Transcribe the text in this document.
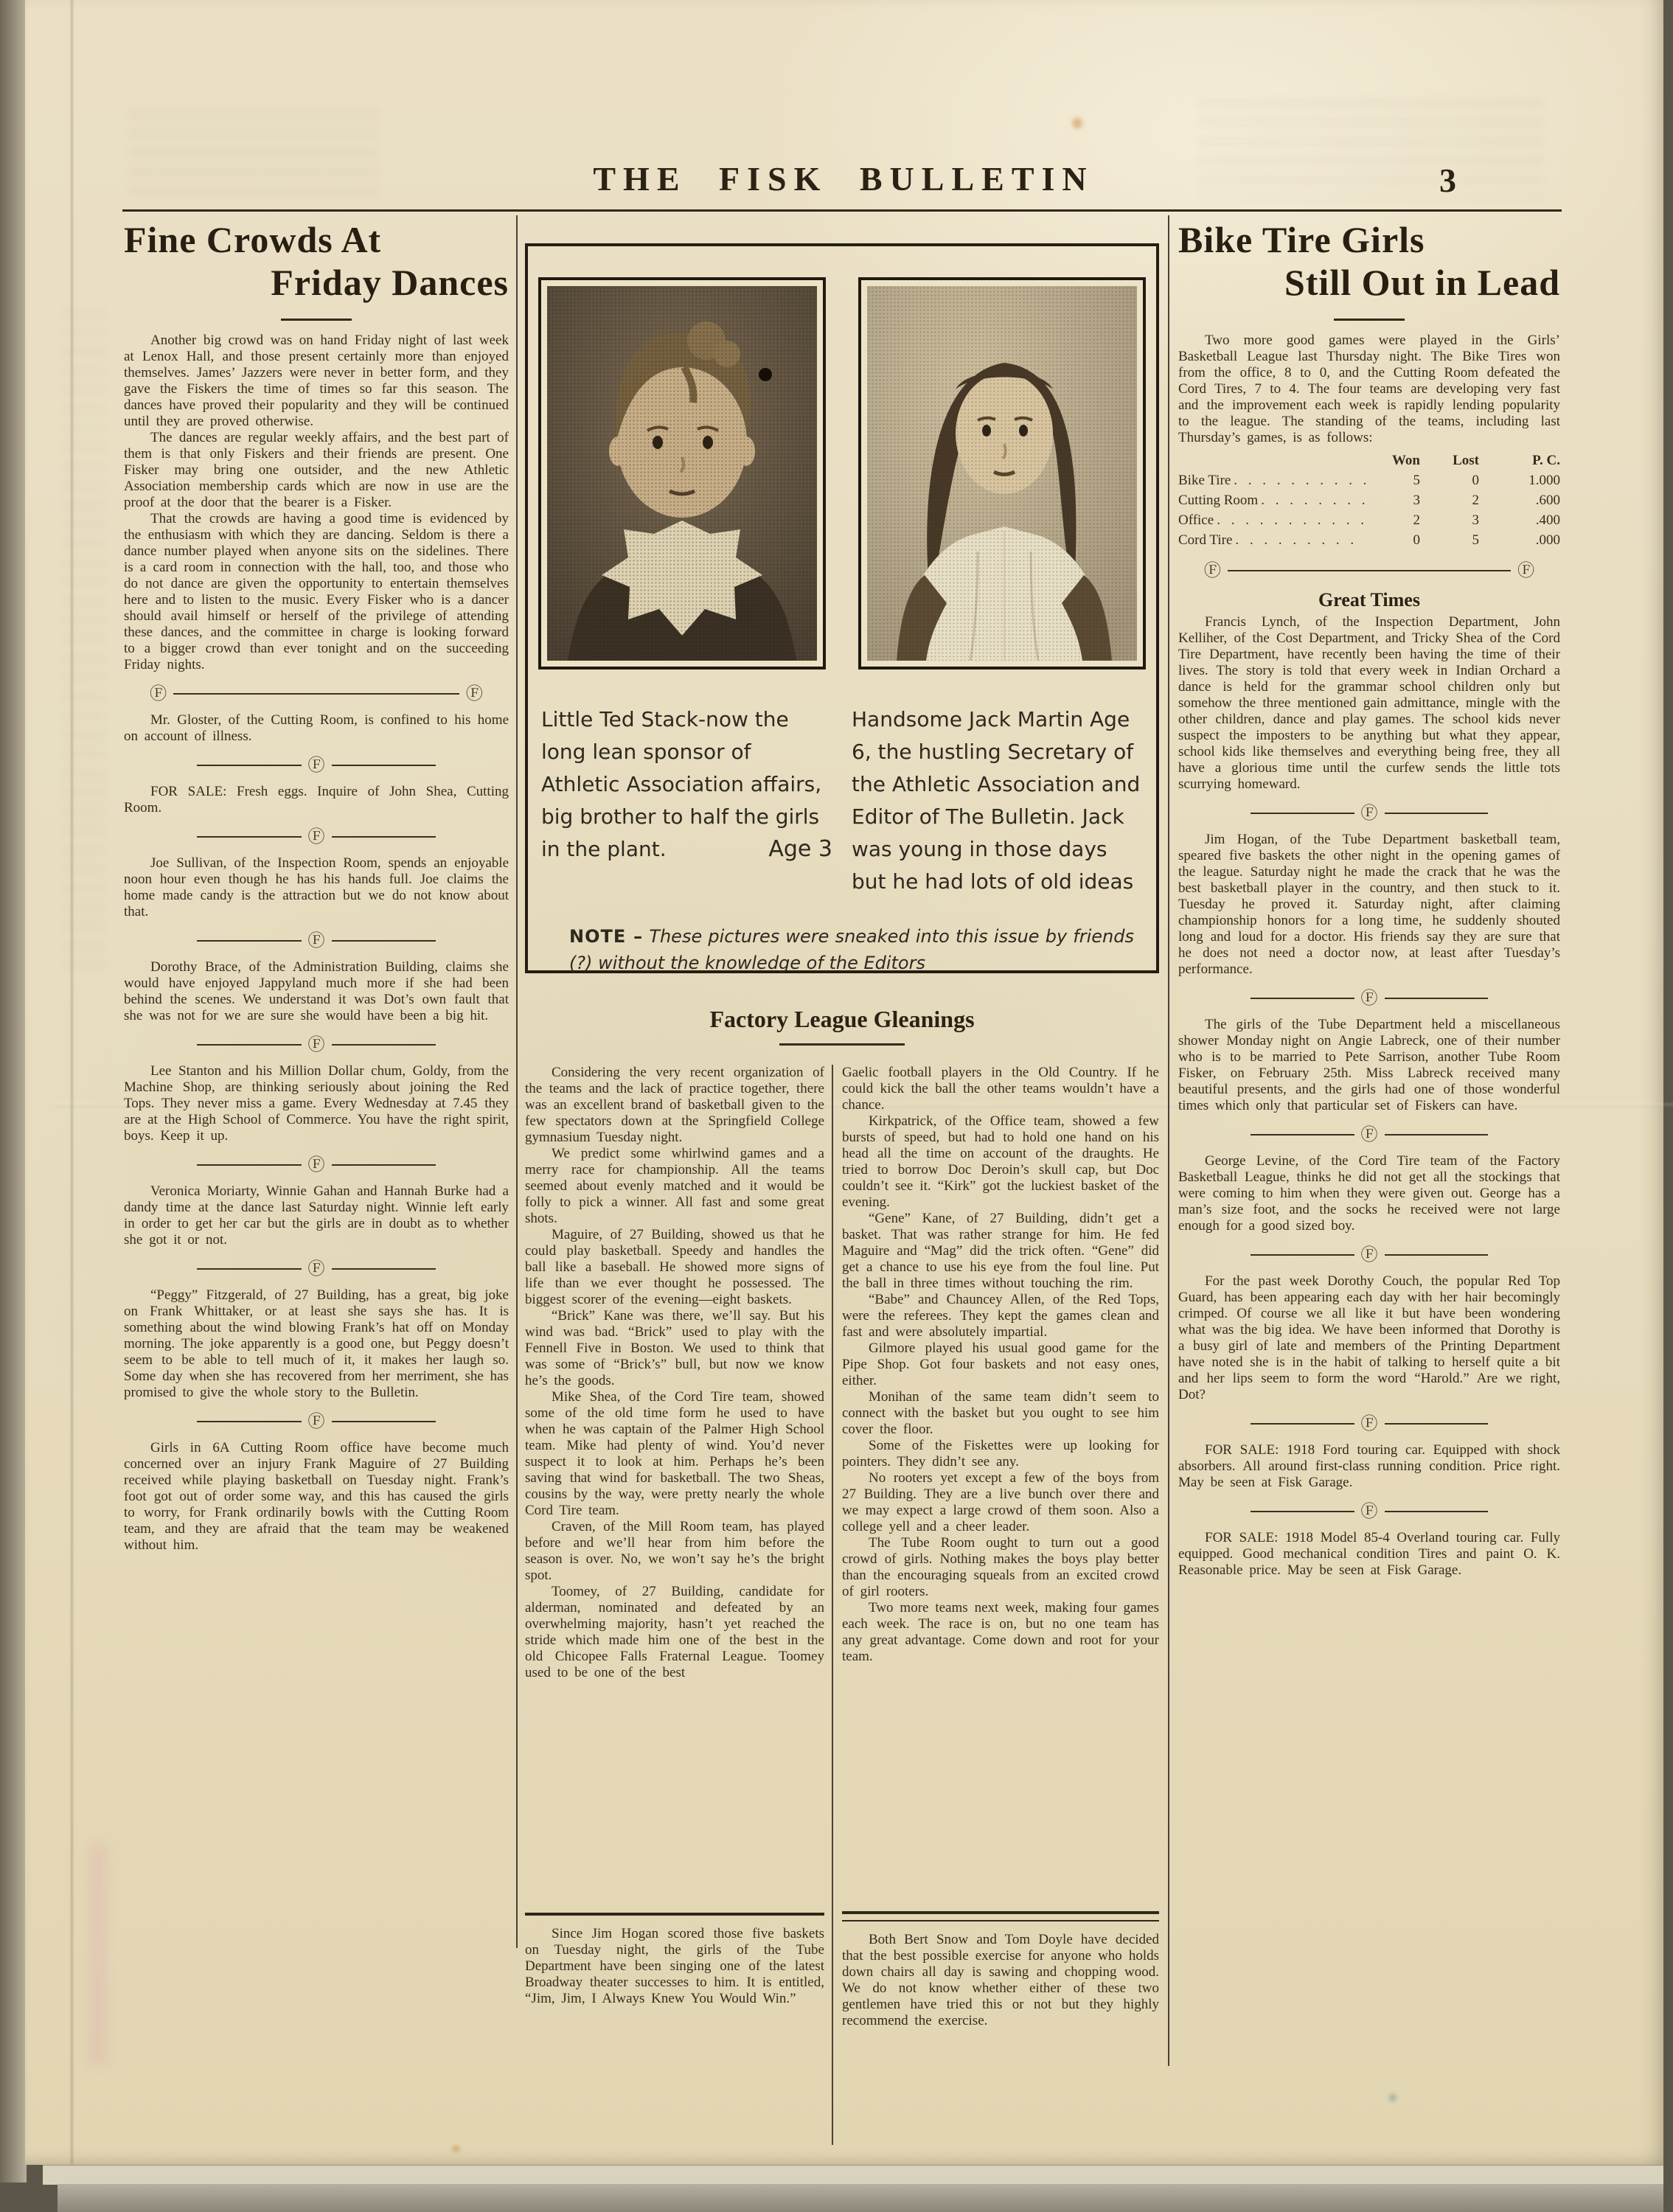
THE FISK BULLETIN	3
Fine Crowds At
Friday Dances

Another big crowd was on hand Friday night of last week at Lenox Hall, and those present certainly more than enjoyed themselves. James’ Jazzers were never in better form, and they gave the Fiskers the time of times so far this season. The dances have proved their popularity and they will be continued until they are proved otherwise.

The dances are regular weekly affairs, and the best part of them is that only Fiskers and their friends are present. One Fisker may bring one outsider, and the new Athletic Association membership cards which are now in use are the proof at the door that the bearer is a Fisker.

That the crowds are having a good time is evidenced by the enthusiasm with which they are dancing. Seldom is there a dance number played when anyone sits on the sidelines. There is a card room in connection with the hall, too, and those who do not dance are given the opportunity to entertain themselves here and to listen to the music. Every Fisker who is a dancer should avail himself or herself of the privilege of attending these dances, and the committee in charge is looking forward to a bigger crowd than ever tonight and on the succeeding Friday nights.

Ⓕ	Ⓕ

Mr. Gloster, of the Cutting Room, is confined to his home on account of illness.

Ⓕ

FOR SALE: Fresh eggs. Inquire of John Shea, Cutting Room.

Ⓕ

Joe Sullivan, of the Inspection Room, spends an enjoyable noon hour even though he has his hands full. Joe claims the home made candy is the attraction but we do not know about that.

Ⓕ

Dorothy Brace, of the Administration Building, claims she would have enjoyed Jappyland much more if she had been behind the scenes. We understand it was Dot’s own fault that she was not for we are sure she would have been a big hit.

Ⓕ

Lee Stanton and his Million Dollar chum, Goldy, from the Machine Shop, are thinking seriously about joining the Red Tops. They never miss a game. Every Wednesday at 7.45 they are at the High School of Commerce. You have the right spirit, boys. Keep it up.

Ⓕ

Veronica Moriarty, Winnie Gahan and Hannah Burke had a dandy time at the dance last Saturday night. Winnie left early in order to get her car but the girls are in doubt as to whether she got it or not.

Ⓕ

“Peggy” Fitzgerald, of 27 Building, has a great, big joke on Frank Whittaker, or at least she says she has. It is something about the wind blowing Frank’s hat off on Monday morning. The joke apparently is a good one, but Peggy doesn’t seem to be able to tell much of it, it makes her laugh so. Some day when she has recovered from her merriment, she has promised to give the whole story to the Bulletin.

Ⓕ

Girls in 6A Cutting Room office have become much concerned over an injury Frank Maguire of 27 Building received while playing basketball on Tuesday night. Frank’s foot got out of order some way, and this has caused the girls to worry, for Frank ordinarily bowls with the Cutting Room team, and they are afraid that the team may be weakened without him.

Little Ted Stack-now the long lean sponsor of Athletic Association affairs, big brother to half the girls in the plant.	Age 3
Handsome Jack Martin Age 6, the hustling Secretary of the Athletic Association and Editor of The Bulletin. Jack was young in those days but he had lots of old ideas
NOTE – These pictures were sneaked into this issue by friends (?) without the knowledge of the Editors
Factory League Gleanings

Considering the very recent organization of the teams and the lack of practice together, there was an excellent brand of basketball given to the few spectators down at the Springfield College gymnasium Tuesday night.

We predict some whirlwind games and a merry race for championship. All the teams seemed about evenly matched and it would be folly to pick a winner. All fast and some great shots.

Maguire, of 27 Building, showed us that he could play basketball. Speedy and handles the ball like a baseball. He showed more signs of life than we ever thought he possessed. The biggest scorer of the evening—eight baskets.

“Brick” Kane was there, we’ll say. But his wind was bad. “Brick” used to play with the Fennell Five in Boston. We used to think that was some of “Brick’s” bull, but now we know he’s the goods.

Mike Shea, of the Cord Tire team, showed some of the old time form he used to have when he was captain of the Palmer High School team. Mike had plenty of wind. You’d never suspect it to look at him. Perhaps he’s been saving that wind for basketball. The two Sheas, cousins by the way, were pretty nearly the whole Cord Tire team.

Craven, of the Mill Room team, has played before and we’ll hear from him before the season is over. No, we won’t say he’s the bright spot.

Toomey, of 27 Building, candidate for alderman, nominated and defeated by an overwhelming majority, hasn’t yet reached the stride which made him one of the best in the old Chicopee Falls Fraternal League. Toomey used to be one of the best

Since Jim Hogan scored those five baskets on Tuesday night, the girls of the Tube Department have been singing one of the latest Broadway theater successes to him. It is entitled, “Jim, Jim, I Always Knew You Would Win.”

Gaelic football players in the Old Country. If he could kick the ball the other teams wouldn’t have a chance.

Kirkpatrick, of the Office team, showed a few bursts of speed, but had to hold one hand on his head all the time on account of the draughts. He tried to borrow Doc Deroin’s skull cap, but Doc couldn’t see it. “Kirk” got the luckiest basket of the evening.

“Gene” Kane, of 27 Building, didn’t get a basket. That was rather strange for him. He fed Maguire and “Mag” did the trick often. “Gene” did get a chance to use his eye from the foul line. Put the ball in three times without touching the rim.

“Babe” and Chauncey Allen, of the Red Tops, were the referees. They kept the games clean and fast and were absolutely impartial.

Gilmore played his usual good game for the Pipe Shop. Got four baskets and not easy ones, either.

Monihan of the same team didn’t seem to connect with the basket but you ought to see him cover the floor.

Some of the Fiskettes were up looking for pointers. They didn’t see any.

No rooters yet except a few of the boys from 27 Building. They are a live bunch over there and we may expect a large crowd of them soon. Also a college yell and a cheer leader.

The Tube Room ought to turn out a good crowd of girls. Nothing makes the boys play better than the encouraging squeals from an excited crowd of girl rooters.

Two more teams next week, making four games each week. The race is on, but no one team has any great advantage. Come down and root for your team.

Both Bert Snow and Tom Doyle have decided that the best possible exercise for anyone who holds down chairs all day is sawing and chopping wood. We do not know whether either of these two gentlemen have tried this or not but they highly recommend the exercise.

Bike Tire Girls
Still Out in Lead

Two more good games were played in the Girls’ Basketball League last Thursday night. The Bike Tires won from the office, 8 to 0, and the Cutting Room defeated the Cord Tires, 7 to 4. The four teams are developing very fast and the improvement each week is rapidly lending popularity to the league. The standing of the teams, including last Thursday’s games, is as follows:

Won	Lost	P. C.
Bike Tire . . .	5	0	1.000
Cutting Room . . .	3	2	.600
Office . . .	2	3	.400
Cord Tire . . .	0	5	.000
Ⓕ	Ⓕ
Great Times

Francis Lynch, of the Inspection Department, John Kelliher, of the Cost Department, and Tricky Shea of the Cord Tire Department, have recently been having the time of their lives. The story is told that every week in Indian Orchard a dance is held for the grammar school children only but somehow the three mentioned gain admittance, mingle with the other children, dance and play games. The school kids never suspect the imposters to be anything but what they appear, school kids like themselves and everything being free, they all have a glorious time until the curfew sends the little tots scurrying homeward.

Ⓕ

Jim Hogan, of the Tube Department basketball team, speared five baskets the other night in the opening games of the league. Saturday night he made the crack that he was the best basketball player in the country, and then stuck to it. Tuesday he proved it. Saturday night, after claiming championship honors for a long time, he suddenly shouted long and loud for a doctor. His friends say they are sure that he does not need a doctor now, at least after Tuesday’s performance.

Ⓕ

The girls of the Tube Department held a miscellaneous shower Monday night on Angie Labreck, one of their number who is to be married to Pete Sarrison, another Tube Room Fisker, on February 25th. Miss Labreck received many beautiful presents, and the girls had one of those wonderful times which only that particular set of Fiskers can have.

Ⓕ

George Levine, of the Cord Tire team of the Factory Basketball League, thinks he did not get all the stockings that were coming to him when they were given out. George has a man’s size foot, and the socks he received were not large enough for a good sized boy.

Ⓕ

For the past week Dorothy Couch, the popular Red Top Guard, has been appearing each day with her hair becomingly crimped. Of course we all like it but have been wondering what was the big idea. We have been informed that Dorothy is a busy girl of late and members of the Printing Department have noted she is in the habit of talking to herself quite a bit and her lips seem to form the word “Harold.” Are we right, Dot?

Ⓕ

FOR SALE: 1918 Ford touring car. Equipped with shock absorbers. All around first-class running condition. Price right. May be seen at Fisk Garage.

Ⓕ

FOR SALE: 1918 Model 85-4 Overland touring car. Fully equipped. Good mechanical condition Tires and paint O. K. Reasonable price. May be seen at Fisk Garage.
